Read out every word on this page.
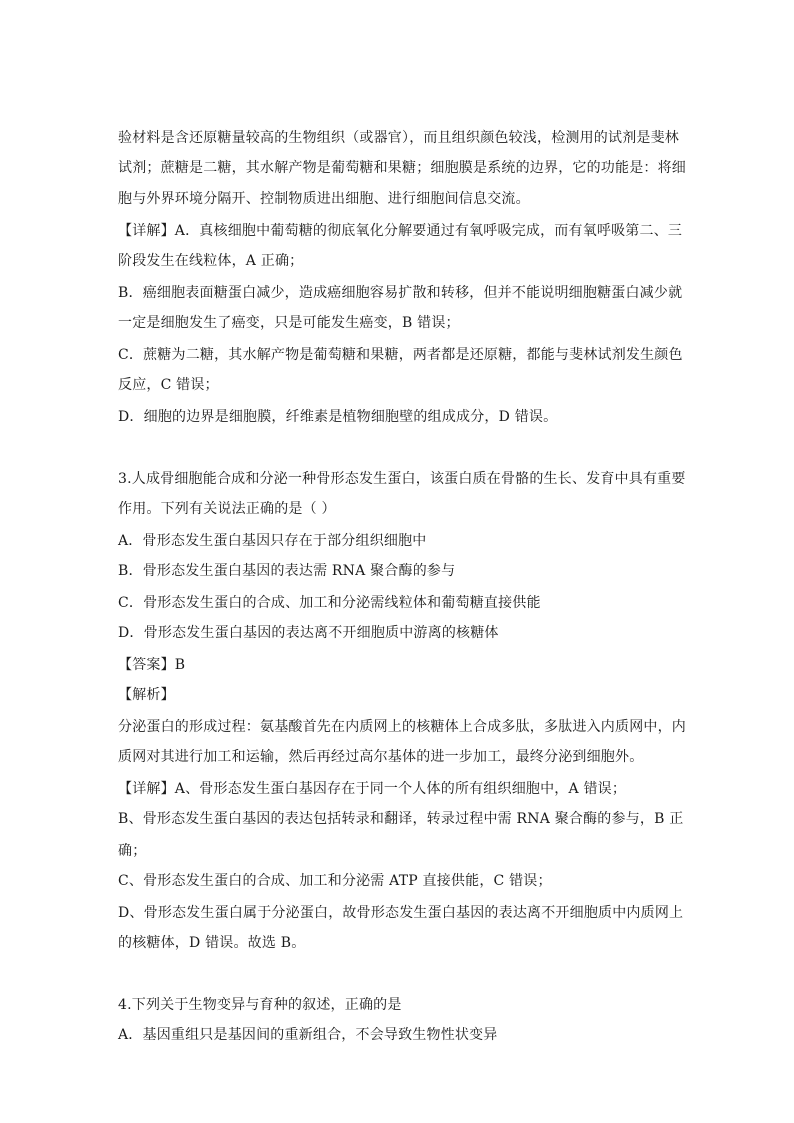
验材料是含还原糖量较高的生物组织（或器官），而且组织颜色较浅，检测用的试剂是斐林
试剂；蔗糖是二糖，其水解产物是葡萄糖和果糖；细胞膜是系统的边界，它的功能是：将细
胞与外界环境分隔开、控制物质进出细胞、进行细胞间信息交流。
【详解】A．真核细胞中葡萄糖的彻底氧化分解要通过有氧呼吸完成，而有氧呼吸第二、三
阶段发生在线粒体，A 正确；
B．癌细胞表面糖蛋白减少，造成癌细胞容易扩散和转移，但并不能说明细胞糖蛋白减少就
一定是细胞发生了癌变，只是可能发生癌变，B 错误；
C．蔗糖为二糖，其水解产物是葡萄糖和果糖，两者都是还原糖，都能与斐林试剂发生颜色
反应，C 错误；
D．细胞的边界是细胞膜，纤维素是植物细胞壁的组成成分，D 错误。
3.人成骨细胞能合成和分泌一种骨形态发生蛋白，该蛋白质在骨骼的生长、发育中具有重要
作用。下列有关说法正确的是（ ）
A．骨形态发生蛋白基因只存在于部分组织细胞中
B．骨形态发生蛋白基因的表达需 RNA 聚合酶的参与
C．骨形态发生蛋白的合成、加工和分泌需线粒体和葡萄糖直接供能
D．骨形态发生蛋白基因的表达离不开细胞质中游离的核糖体
【答案】B
【解析】
分泌蛋白的形成过程：氨基酸首先在内质网上的核糖体上合成多肽，多肽进入内质网中，内
质网对其进行加工和运输，然后再经过高尔基体的进一步加工，最终分泌到细胞外。
【详解】A、骨形态发生蛋白基因存在于同一个人体的所有组织细胞中，A 错误；
B、骨形态发生蛋白基因的表达包括转录和翻译，转录过程中需 RNA 聚合酶的参与，B 正
确；
C、骨形态发生蛋白的合成、加工和分泌需 ATP 直接供能，C 错误；
D、骨形态发生蛋白属于分泌蛋白，故骨形态发生蛋白基因的表达离不开细胞质中内质网上
的核糖体，D 错误。故选 B。
4.下列关于生物变异与育种的叙述，正确的是
A．基因重组只是基因间的重新组合，不会导致生物性状变异
